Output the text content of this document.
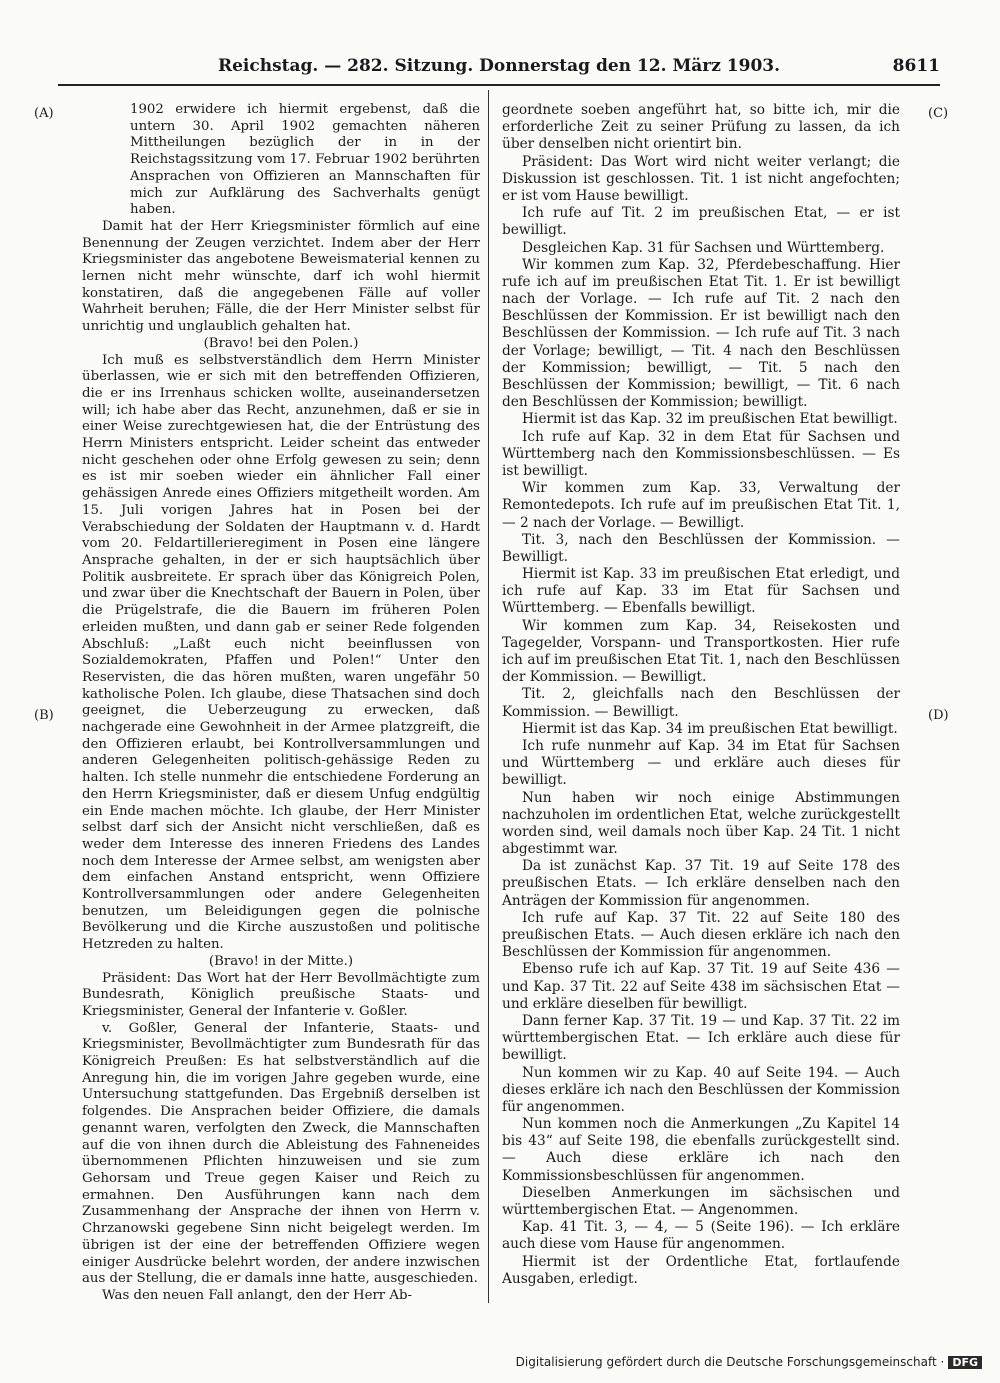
Reichstag. — 282. Sitzung. Donnerstag den 12. März 1903.	8611
(A)
(B)
(C)
(D)

1902 erwidere ich hiermit ergebenst, daß die untern 30. April 1902 gemachten näheren Mittheilungen bezüglich der in in der Reichstagssitzung vom 17. Februar 1902 berührten Ansprachen von Offizieren an Mannschaften für mich zur Aufklärung des Sachverhalts genügt haben.

Damit hat der Herr Kriegsminister förmlich auf eine Benennung der Zeugen verzichtet. Indem aber der Herr Kriegsminister das angebotene Beweismaterial kennen zu lernen nicht mehr wünschte, darf ich wohl hiermit konstatiren, daß die angegebenen Fälle auf voller Wahrheit beruhen; Fälle, die der Herr Minister selbst für unrichtig und unglaublich gehalten hat.

(Bravo! bei den Polen.)

Ich muß es selbstverständlich dem Herrn Minister überlassen, wie er sich mit den betreffenden Offizieren, die er ins Irrenhaus schicken wollte, auseinandersetzen will; ich habe aber das Recht, anzunehmen, daß er sie in einer Weise zurechtgewiesen hat, die der Entrüstung des Herrn Ministers entspricht. Leider scheint das entweder nicht geschehen oder ohne Erfolg gewesen zu sein; denn es ist mir soeben wieder ein ähnlicher Fall einer gehässigen Anrede eines Offiziers mitgetheilt worden. Am 15. Juli vorigen Jahres hat in Posen bei der Verabschiedung der Soldaten der Hauptmann v. d. Hardt vom 20. Feldartillerieregiment in Posen eine längere Ansprache gehalten, in der er sich hauptsächlich über Politik ausbreitete. Er sprach über das Königreich Polen, und zwar über die Knechtschaft der Bauern in Polen, über die Prügelstrafe, die die Bauern im früheren Polen erleiden mußten, und dann gab er seiner Rede folgenden Abschluß: „Laßt euch nicht beeinflussen von Sozialdemokraten, Pfaffen und Polen!“ Unter den Reservisten, die das hören mußten, waren ungefähr 50 katholische Polen. Ich glaube, diese Thatsachen sind doch geeignet, die Ueberzeugung zu erwecken, daß nachgerade eine Gewohnheit in der Armee platzgreift, die den Offizieren erlaubt, bei Kontrollversammlungen und anderen Gelegenheiten politisch-gehässige Reden zu halten. Ich stelle nunmehr die entschiedene Forderung an den Herrn Kriegsminister, daß er diesem Unfug endgültig ein Ende machen möchte. Ich glaube, der Herr Minister selbst darf sich der Ansicht nicht verschließen, daß es weder dem Interesse des inneren Friedens des Landes noch dem Interesse der Armee selbst, am wenigsten aber dem einfachen Anstand entspricht, wenn Offiziere Kontrollversammlungen oder andere Gelegenheiten benutzen, um Beleidigungen gegen die polnische Bevölkerung und die Kirche auszustoßen und politische Hetzreden zu halten.

(Bravo! in der Mitte.)

Präsident: Das Wort hat der Herr Bevollmächtigte zum Bundesrath, Königlich preußische Staats- und Kriegsminister, General der Infanterie v. Goßler.

v. Goßler, General der Infanterie, Staats- und Kriegsminister, Bevollmächtigter zum Bundesrath für das Königreich Preußen: Es hat selbstverständlich auf die Anregung hin, die im vorigen Jahre gegeben wurde, eine Untersuchung stattgefunden. Das Ergebniß derselben ist folgendes. Die Ansprachen beider Offiziere, die damals genannt waren, verfolgten den Zweck, die Mannschaften auf die von ihnen durch die Ableistung des Fahneneides übernommenen Pflichten hinzuweisen und sie zum Gehorsam und Treue gegen Kaiser und Reich zu ermahnen. Den Ausführungen kann nach dem Zusammenhang der Ansprache der ihnen von Herrn v. Chrzanowski gegebene Sinn nicht beigelegt werden. Im übrigen ist der eine der betreffenden Offiziere wegen einiger Ausdrücke belehrt worden, der andere inzwischen aus der Stellung, die er damals inne hatte, ausgeschieden.

Was den neuen Fall anlangt, den der Herr Ab-

geordnete soeben angeführt hat, so bitte ich, mir die erforderliche Zeit zu seiner Prüfung zu lassen, da ich über denselben nicht orientirt bin.

Präsident: Das Wort wird nicht weiter verlangt; die Diskussion ist geschlossen. Tit. 1 ist nicht angefochten; er ist vom Hause bewilligt.

Ich rufe auf Tit. 2 im preußischen Etat, — er ist bewilligt.

Desgleichen Kap. 31 für Sachsen und Württemberg.

Wir kommen zum Kap. 32, Pferdebeschaffung. Hier rufe ich auf im preußischen Etat Tit. 1. Er ist bewilligt nach der Vorlage. — Ich rufe auf Tit. 2 nach den Beschlüssen der Kommission. Er ist bewilligt nach den Beschlüssen der Kommission. — Ich rufe auf Tit. 3 nach der Vorlage; bewilligt, — Tit. 4 nach den Beschlüssen der Kommission; bewilligt, — Tit. 5 nach den Beschlüssen der Kommission; bewilligt, — Tit. 6 nach den Beschlüssen der Kommission; bewilligt.

Hiermit ist das Kap. 32 im preußischen Etat bewilligt.

Ich rufe auf Kap. 32 in dem Etat für Sachsen und Württemberg nach den Kommissionsbeschlüssen. — Es ist bewilligt.

Wir kommen zum Kap. 33, Verwaltung der Remontedepots. Ich rufe auf im preußischen Etat Tit. 1, — 2 nach der Vorlage. — Bewilligt.

Tit. 3, nach den Beschlüssen der Kommission. — Bewilligt.

Hiermit ist Kap. 33 im preußischen Etat erledigt, und ich rufe auf Kap. 33 im Etat für Sachsen und Württemberg. — Ebenfalls bewilligt.

Wir kommen zum Kap. 34, Reisekosten und Tagegelder, Vorspann- und Transportkosten. Hier rufe ich auf im preußischen Etat Tit. 1, nach den Beschlüssen der Kommission. — Bewilligt.

Tit. 2, gleichfalls nach den Beschlüssen der Kommission. — Bewilligt.

Hiermit ist das Kap. 34 im preußischen Etat bewilligt.

Ich rufe nunmehr auf Kap. 34 im Etat für Sachsen und Württemberg — und erkläre auch dieses für bewilligt.

Nun haben wir noch einige Abstimmungen nachzuholen im ordentlichen Etat, welche zurückgestellt worden sind, weil damals noch über Kap. 24 Tit. 1 nicht abgestimmt war.

Da ist zunächst Kap. 37 Tit. 19 auf Seite 178 des preußischen Etats. — Ich erkläre denselben nach den Anträgen der Kommission für angenommen.

Ich rufe auf Kap. 37 Tit. 22 auf Seite 180 des preußischen Etats. — Auch diesen erkläre ich nach den Beschlüssen der Kommission für angenommen.

Ebenso rufe ich auf Kap. 37 Tit. 19 auf Seite 436 — und Kap. 37 Tit. 22 auf Seite 438 im sächsischen Etat — und erkläre dieselben für bewilligt.

Dann ferner Kap. 37 Tit. 19 — und Kap. 37 Tit. 22 im württembergischen Etat. — Ich erkläre auch diese für bewilligt.

Nun kommen wir zu Kap. 40 auf Seite 194. — Auch dieses erkläre ich nach den Beschlüssen der Kommission für angenommen.

Nun kommen noch die Anmerkungen „Zu Kapitel 14 bis 43“ auf Seite 198, die ebenfalls zurückgestellt sind. — Auch diese erkläre ich nach den Kommissionsbeschlüssen für angenommen.

Dieselben Anmerkungen im sächsischen und württembergischen Etat. — Angenommen.

Kap. 41 Tit. 3, — 4, — 5 (Seite 196). — Ich erkläre auch diese vom Hause für angenommen.

Hiermit ist der Ordentliche Etat, fortlaufende Ausgaben, erledigt.

Digitalisierung gefördert durch die Deutsche Forschungsgemeinschaft · DFG
